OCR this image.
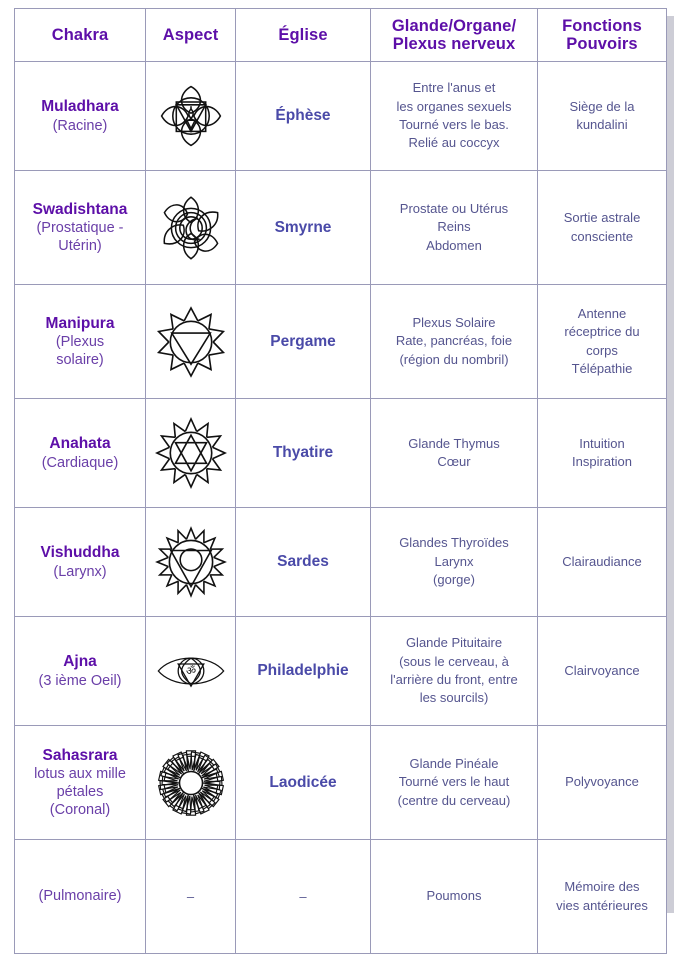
Chakra	Aspect	Église	Glande/Organe/
Plexus nerveux	Fonctions
Pouvoirs

Muladhara
(Racine)		Éphèse	Entre l'anus et
les organes sexuels
Tourné vers le bas.
Relié au coccyx	Siège de la
kundalini

Swadishtana
(Prostatique -
Utérin)		Smyrne	Prostate ou Utérus
Reins
Abdomen	Sortie astrale
consciente

Manipura
(Plexus
solaire)		Pergame	Plexus Solaire
Rate, pancréas, foie
(région du nombril)	Antenne
réceptrice du
corps
Télépathie

Anahata
(Cardiaque)		Thyatire	Glande Thymus
Cœur	Intuition
Inspiration

Vishuddha
(Larynx)		Sardes	Glandes Thyroïdes
Larynx
(gorge)	Clairaudiance

Ajna
(3 ième Oeil)	ॐ	Philadelphie	Glande Pituitaire
(sous le cerveau, à
l'arrière du front, entre
les sourcils)	Clairvoyance

Sahasrara
lotus aux mille
pétales
(Coronal)		Laodicée	Glande Pinéale
Tourné vers le haut
(centre du cerveau)	Polyvoyance

(Pulmonaire)	–	–	Poumons	Mémoire des
vies antérieures
